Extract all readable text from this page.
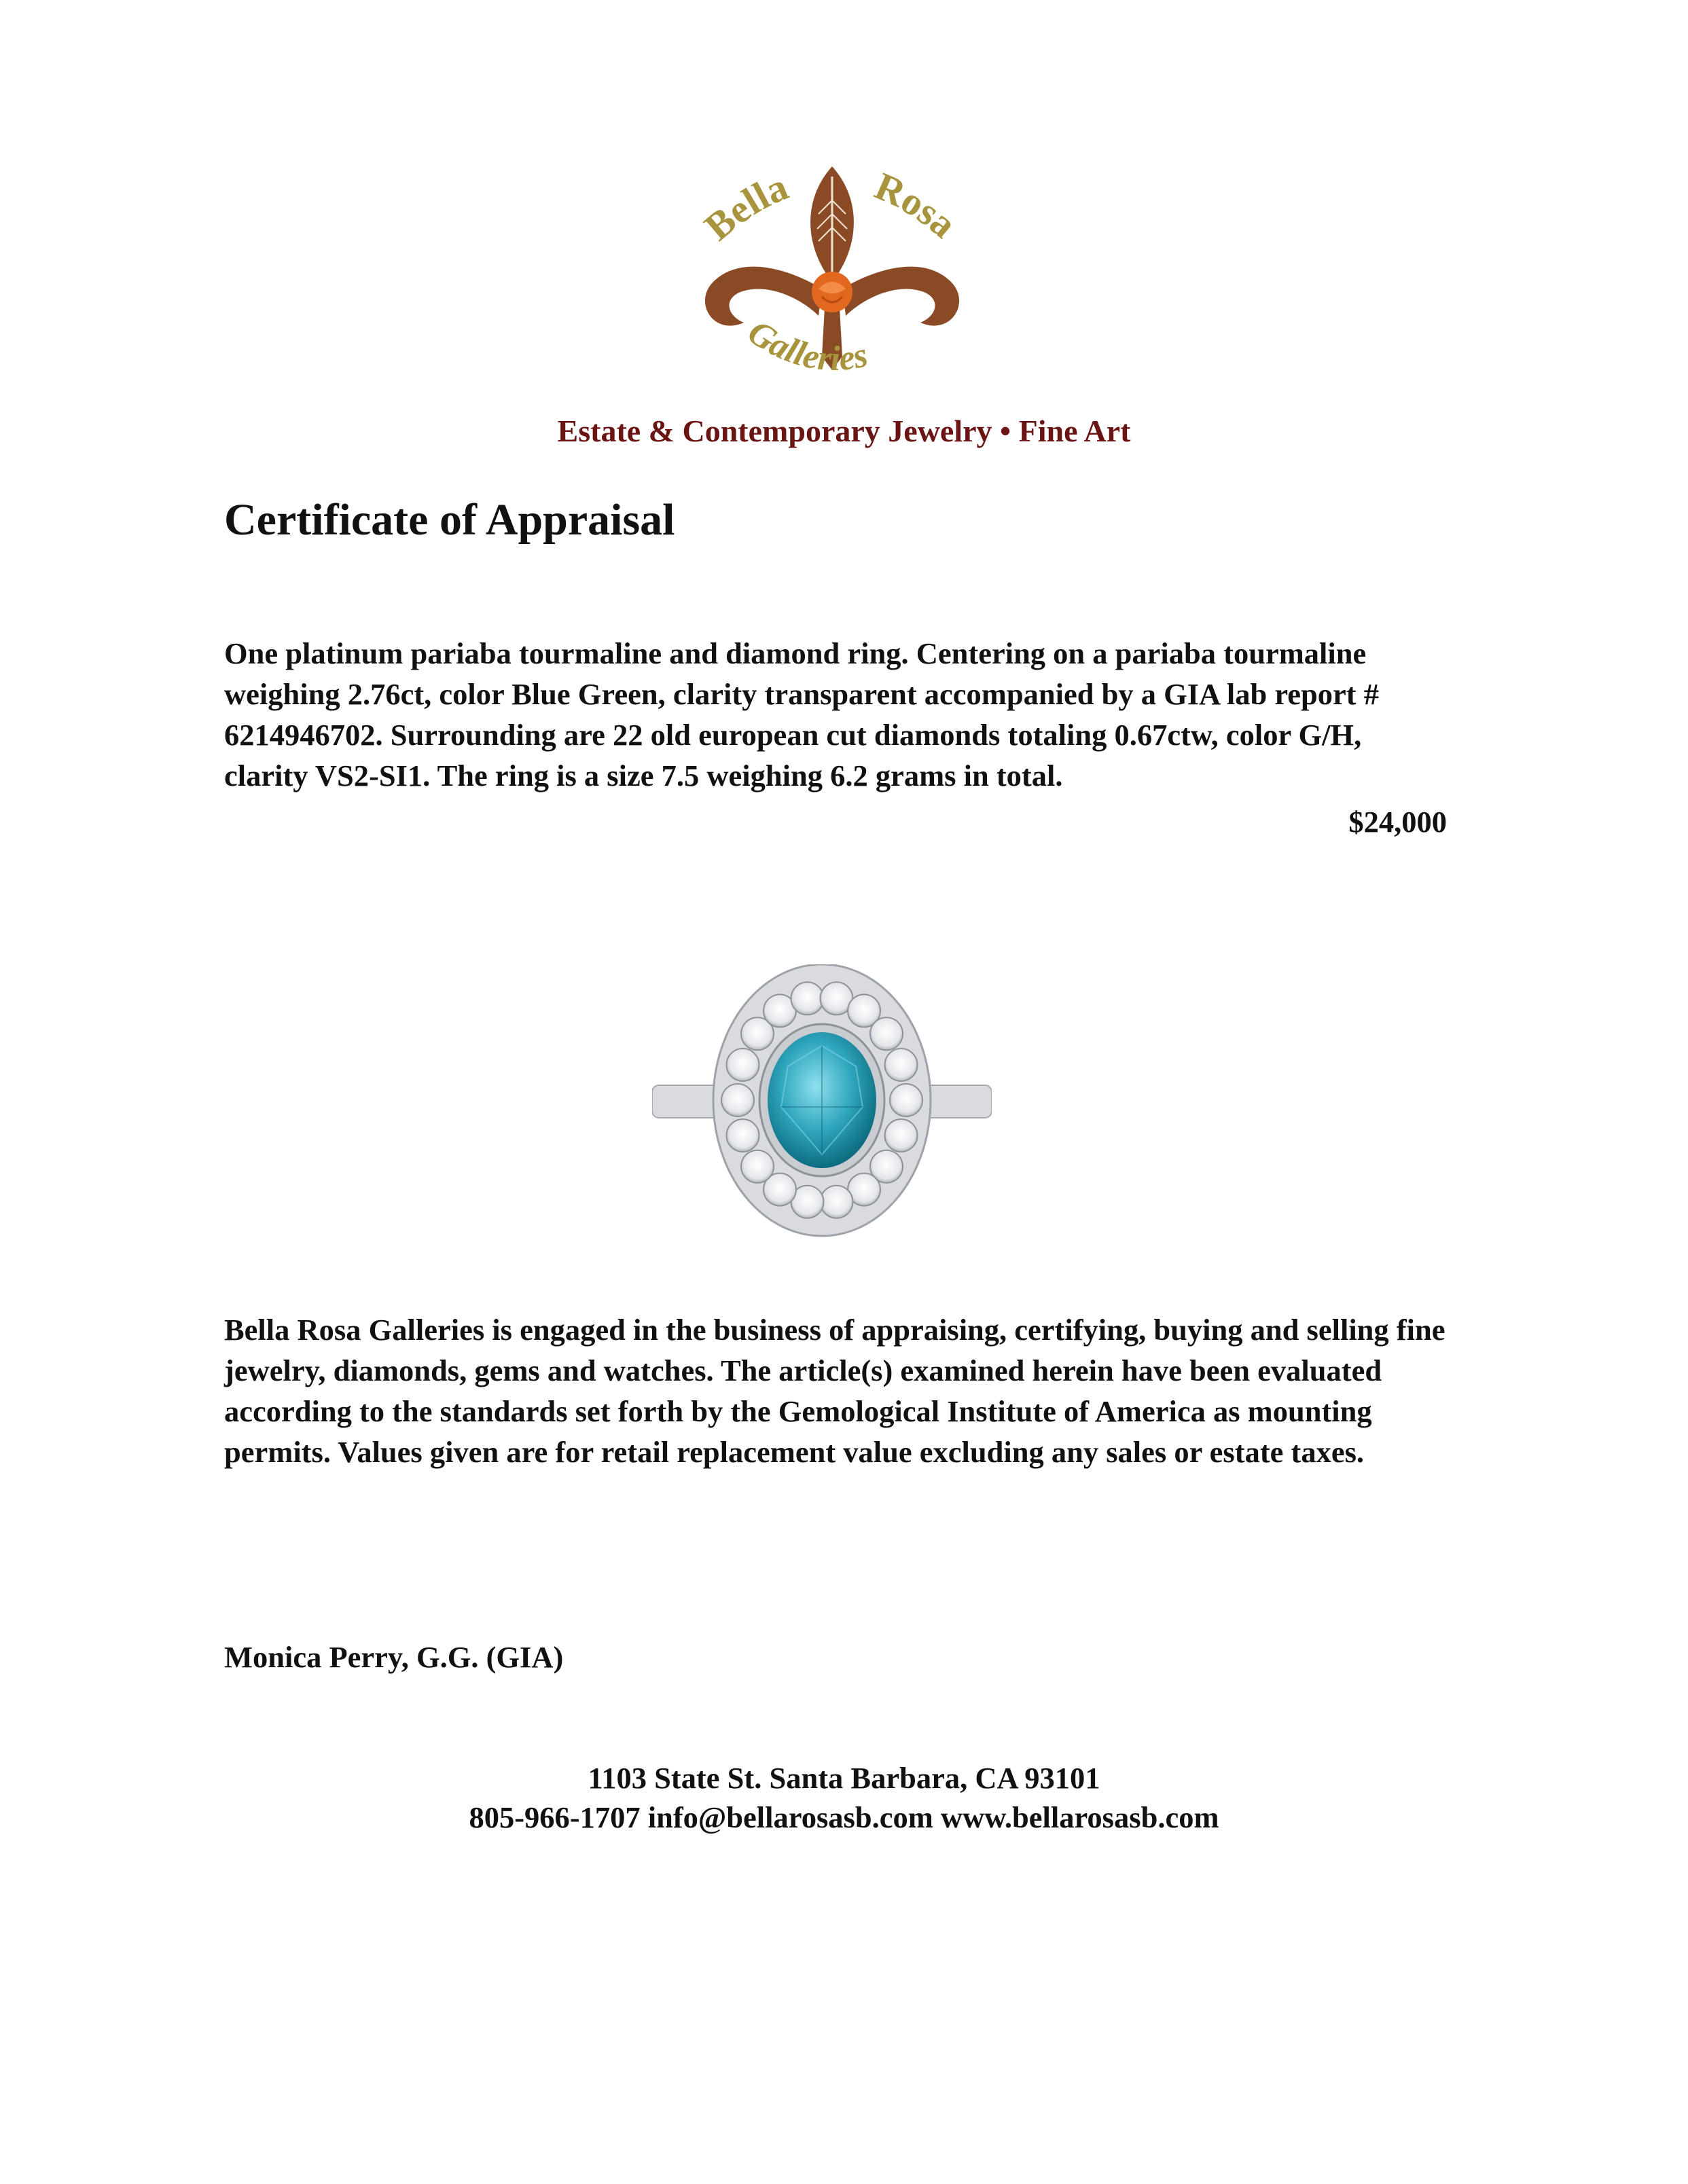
Bella Rosa
Galleries
Estate & Contemporary Jewelry • Fine Art
Certificate of Appraisal

One platinum pariaba tourmaline and diamond ring. Centering on a pariaba tourmaline weighing 2.76ct, color Blue Green, clarity transparent accompanied by a GIA lab report # 6214946702. Surrounding are 22 old european cut diamonds totaling 0.67ctw, color G/H, clarity VS2-SI1. The ring is a size 7.5 weighing 6.2 grams in total.

$24,000

Bella Rosa Galleries is engaged in the business of appraising, certifying, buying and selling fine jewelry, diamonds, gems and watches. The article(s) examined herein have been evaluated according to the standards set forth by the Gemological Institute of America as mounting permits. Values given are for retail replacement value excluding any sales or estate taxes.

Monica Perry, G.G. (GIA)
1103 State St. Santa Barbara, CA 93101
805-966-1707 info@bellarosasb.com www.bellarosasb.com
